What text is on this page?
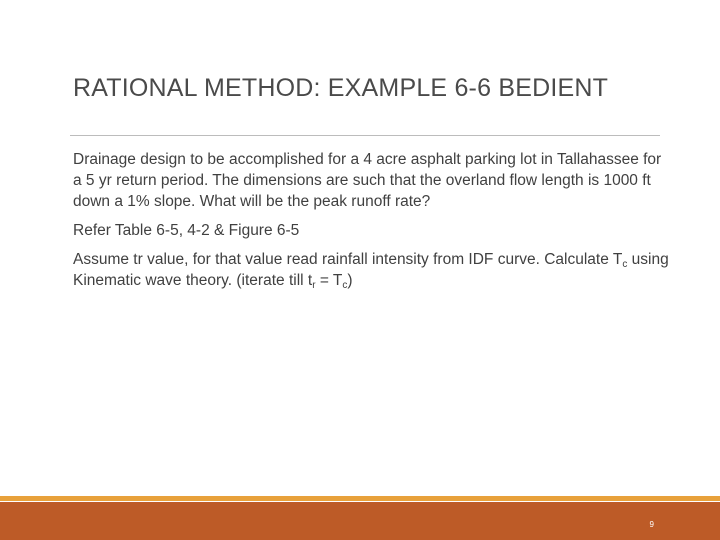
RATIONAL METHOD: EXAMPLE 6-6 BEDIENT

Drainage design to be accomplished for a 4 acre asphalt parking lot in Tallahassee for a 5 yr return period. The dimensions are such that the overland flow length is 1000 ft down a 1% slope. What will be the peak runoff rate?

Refer Table 6-5, 4-2 & Figure 6-5

Assume tr value, for that value read rainfall intensity from IDF curve. Calculate $T_c$ using Kinematic wave theory. (iterate till $t_r = T_c$)

9
